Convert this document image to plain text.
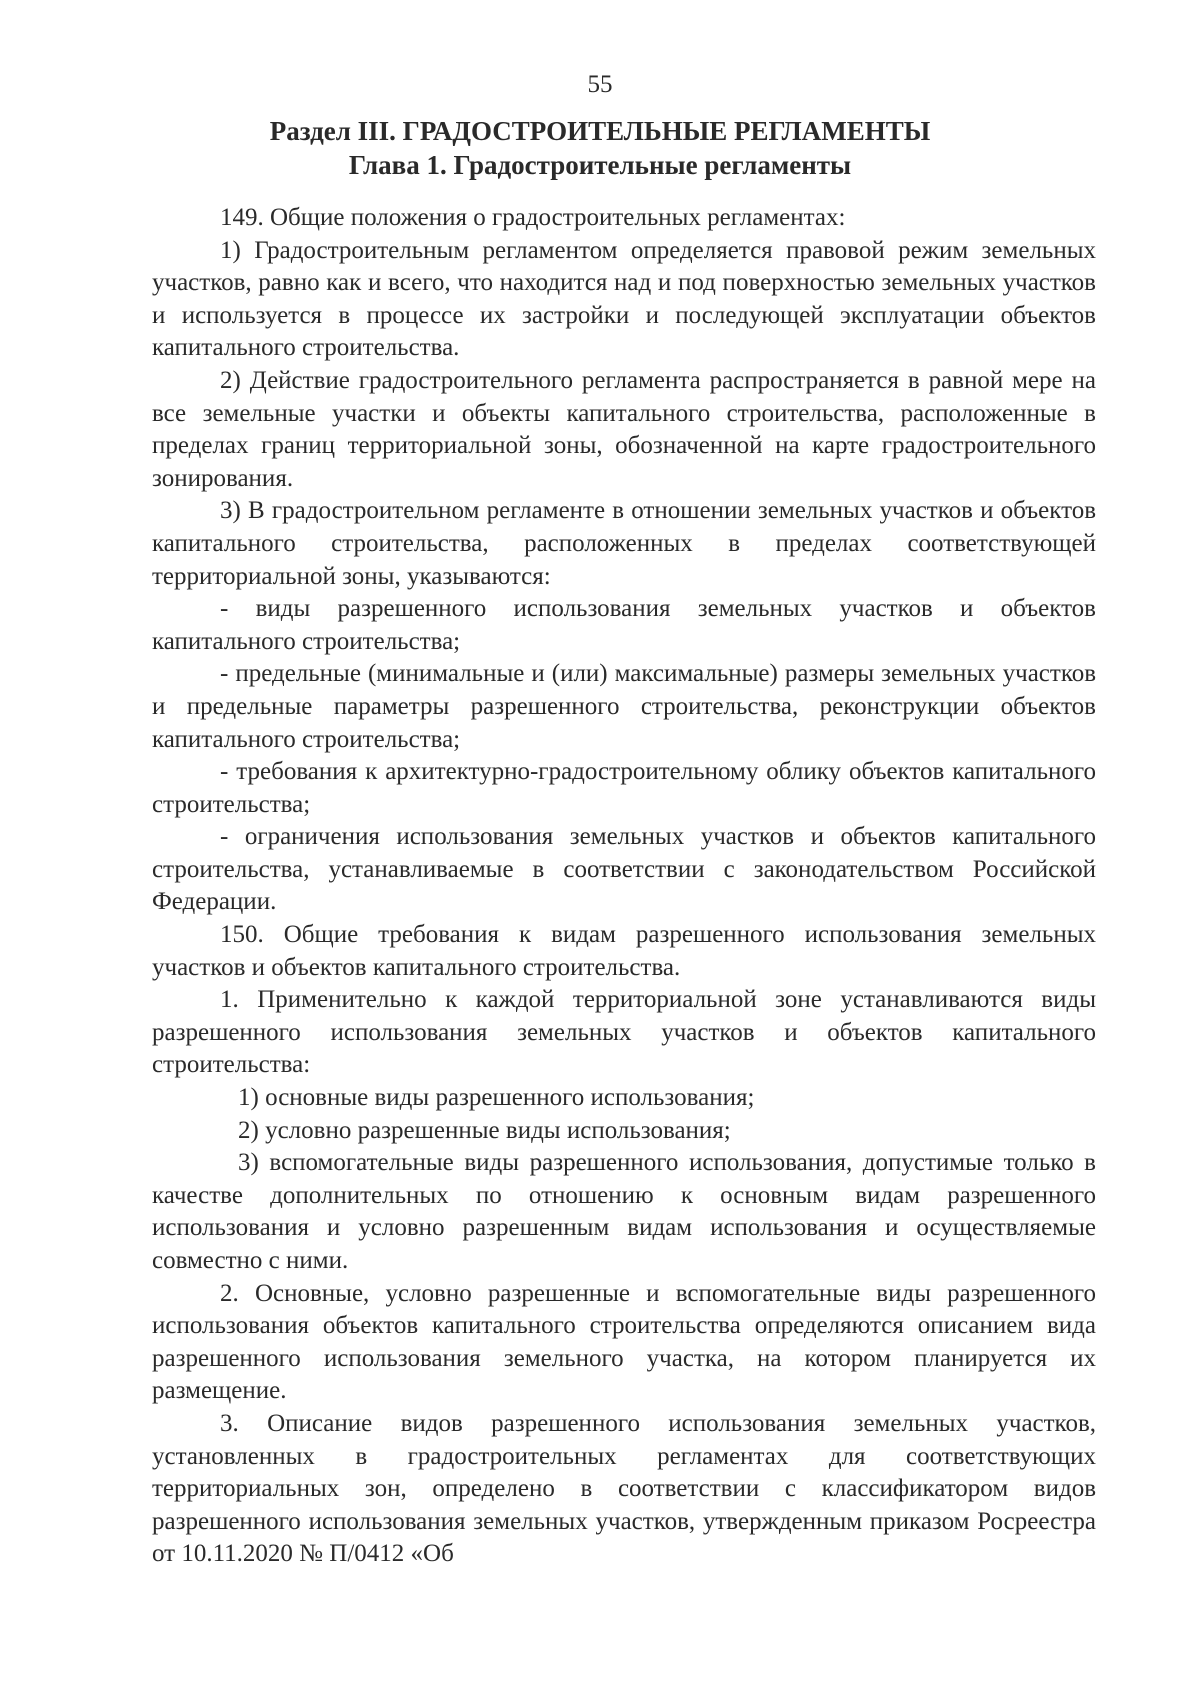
55
Раздел III. ГРАДОСТРОИТЕЛЬНЫЕ РЕГЛАМЕНТЫ
Глава 1. Градостроительные регламенты

149. Общие положения о градостроительных регламентах:

1) Градостроительным регламентом определяется правовой режим земельных участков, равно как и всего, что находится над и под поверхностью земельных участков и используется в процессе их застройки и последующей эксплуатации объектов капитального строительства.

2) Действие градостроительного регламента распространяется в равной мере на все земельные участки и объекты капитального строительства, расположенные в пределах границ территориальной зоны, обозначенной на карте градостроительного зонирования.

3) В градостроительном регламенте в отношении земельных участков и объектов капитального строительства, расположенных в пределах соответствующей территориальной зоны, указываются:

- виды разрешенного использования земельных участков и объектов капитального строительства;

- предельные (минимальные и (или) максимальные) размеры земельных участков и предельные параметры разрешенного строительства, реконструкции объектов капитального строительства;

- требования к архитектурно-градостроительному облику объектов капитального строительства;

- ограничения использования земельных участков и объектов капитального строительства, устанавливаемые в соответствии с законодательством Российской Федерации.

150. Общие требования к видам разрешенного использования земельных участков и объектов капитального строительства.

1. Применительно к каждой территориальной зоне устанавливаются виды разрешенного использования земельных участков и объектов капитального строительства:

1) основные виды разрешенного использования;

2) условно разрешенные виды использования;

3) вспомогательные виды разрешенного использования, допустимые только в качестве дополнительных по отношению к основным видам разрешенного использования и условно разрешенным видам использования и осуществляемые совместно с ними.

2. Основные, условно разрешенные и вспомогательные виды разрешенного использования объектов капитального строительства определяются описанием вида разрешенного использования земельного участка, на котором планируется их размещение.

3. Описание видов разрешенного использования земельных участков, установленных в градостроительных регламентах для соответствующих территориальных зон, определено в соответствии с классификатором видов разрешенного использования земельных участков, утвержденным приказом Росреестра от 10.11.2020 № П/0412 «Об
